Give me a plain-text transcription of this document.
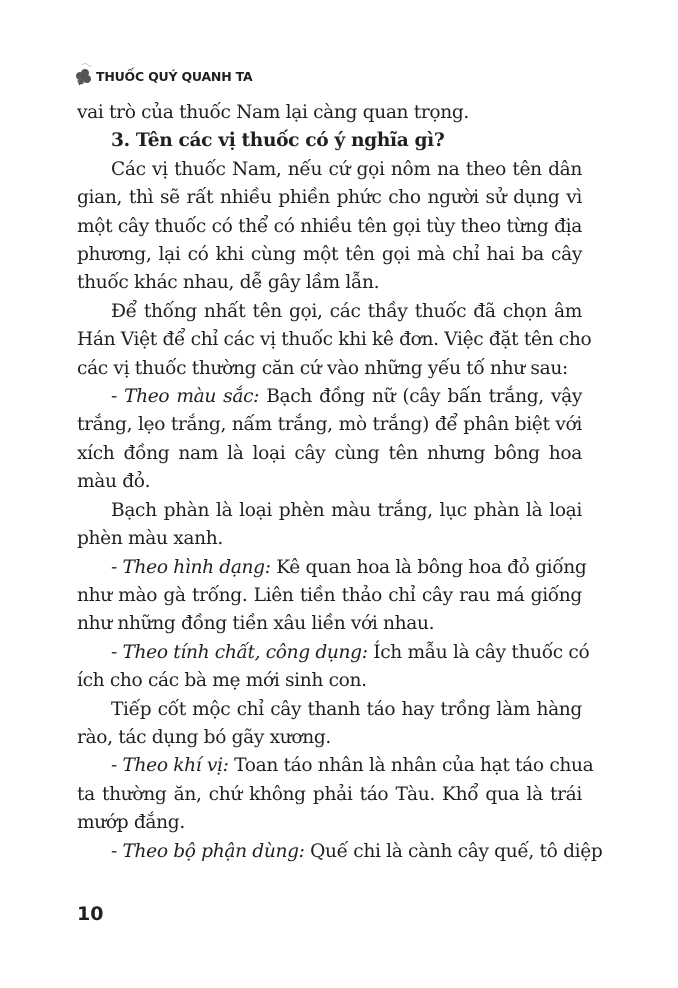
THUỐC QUÝ QUANH TA
vai trò của thuốc Nam lại càng quan trọng.
3. Tên các vị thuốc có ý nghĩa gì?
Các vị thuốc Nam, nếu cứ gọi nôm na theo tên dân
gian, thì sẽ rất nhiều phiền phức cho người sử dụng vì
một cây thuốc có thể có nhiều tên gọi tùy theo từng địa
phương, lại có khi cùng một tên gọi mà chỉ hai ba cây
thuốc khác nhau, dễ gây lầm lẫn.
Để thống nhất tên gọi, các thầy thuốc đã chọn âm
Hán Việt để chỉ các vị thuốc khi kê đơn. Việc đặt tên cho
các vị thuốc thường căn cứ vào những yếu tố như sau:
- Theo màu sắc: Bạch đồng nữ (cây bấn trắng, vậy
trắng, lẹo trắng, nấm trắng, mò trắng) để phân biệt với
xích đồng nam là loại cây cùng tên nhưng bông hoa
màu đỏ.
Bạch phàn là loại phèn màu trắng, lục phàn là loại
phèn màu xanh.
- Theo hình dạng: Kê quan hoa là bông hoa đỏ giống
như mào gà trống. Liên tiền thảo chỉ cây rau má giống
như những đồng tiền xâu liền với nhau.
- Theo tính chất, công dụng: Ích mẫu là cây thuốc có
ích cho các bà mẹ mới sinh con.
Tiếp cốt mộc chỉ cây thanh táo hay trồng làm hàng
rào, tác dụng bó gãy xương.
- Theo khí vị: Toan táo nhân là nhân của hạt táo chua
ta thường ăn, chứ không phải táo Tàu. Khổ qua là trái
mướp đắng.
- Theo bộ phận dùng: Quế chi là cành cây quế, tô diệp
10
